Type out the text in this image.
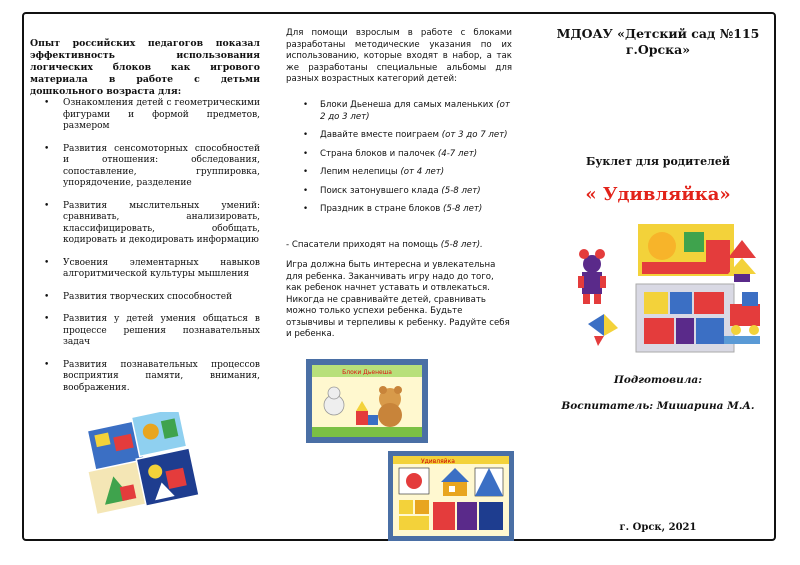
Опыт российских педагогов показал эффективность использования логических блоков как игрового материала в работе с детьми дошкольного возраста для:
• Ознакомления детей с геометрическими фигурами и формой предметов, размером
• Развития сенсомоторных способностей и отношения: обследования, сопоставление, группировка, упорядочение, разделение
• Развития мыслительных умений: сравнивать, анализировать, классифицировать, обобщать, кодировать и декодировать информацию
• Усвоения элементарных навыков алгоритмической культуры мышления
• Развития творческих способностей
• Развития у детей умения общаться в процессе решения познавательных задач
• Развития познавательных процессов восприятия памяти, внимания, воображения.
Для помощи взрослым в работе с блоками разработаны методические указания по их использованию, которые входят в набор, а так же разработаны специальные альбомы для разных возрастных категорий детей:
• Блоки Дьенеша для самых маленьких (от 2 до 3 лет)
• Давайте вместе поиграем (от 3 до 7 лет)
• Страна блоков и палочек (4-7 лет)
• Лепим нелепицы (от 4 лет)
• Поиск затонувшего клада (5-8 лет)
• Праздник в стране блоков (5-8 лет)
- Спасатели приходят на помощь (5-8 лет).
Игра должна быть интересна и увлекательна для ребенка. Заканчивать игру надо до того, как ребенок начнет уставать и отвлекаться. Никогда не сравнивайте детей, сравнивать можно только успехи ребенка. Будьте отзывчивы и терпеливы к ребенку. Радуйте себя и ребенка.
Блоки Дьенеша
Удивляйка
МДОАУ «Детский сад №115 г.Орска»
Буклет для родителей
« Удивляйка»
Подготовила:
Воспитатель: Мишарина М.А.
г. Орск, 2021
